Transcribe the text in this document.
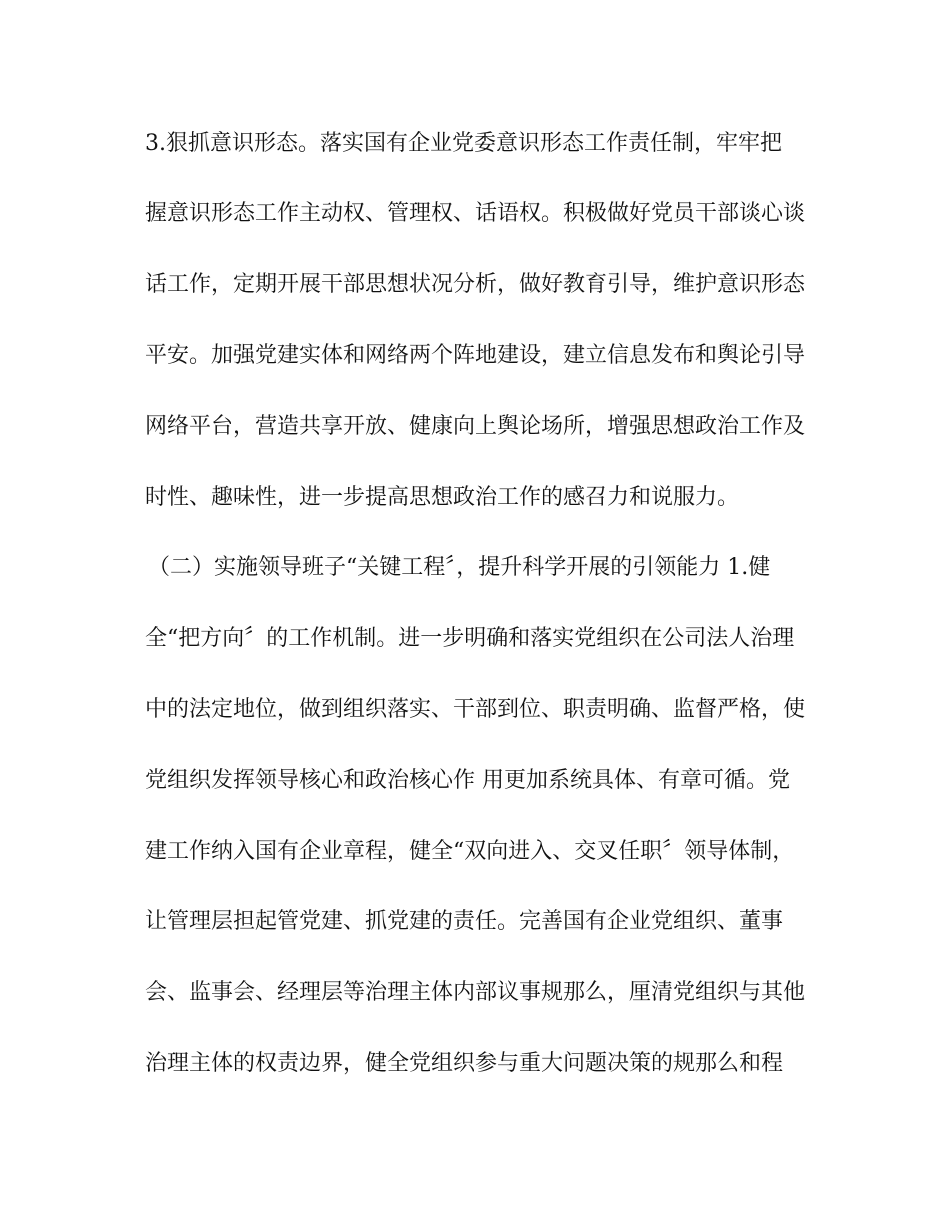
3.狠抓意识形态。落实国有企业党委意识形态工作责任制，牢牢把
握意识形态工作主动权、管理权、话语权。积极做好党员干部谈心谈
话工作，定期开展干部思想状况分析，做好教育引导，维护意识形态
平安。加强党建实体和网络两个阵地建设，建立信息发布和舆论引导
网络平台，营造共享开放、健康向上舆论场所，增强思想政治工作及
时性、趣味性，进一步提高思想政治工作的感召力和说服力。
（二）实施领导班子“关键工程〞，提升科学开展的引领能力 1.健
全“把方向〞的工作机制。进一步明确和落实党组织在公司法人治理
中的法定地位，做到组织落实、干部到位、职责明确、监督严格，使
党组织发挥领导核心和政治核心作 用更加系统具体、有章可循。党
建工作纳入国有企业章程，健全“双向进入、交叉任职〞领导体制，
让管理层担起管党建、抓党建的责任。完善国有企业党组织、董事
会、监事会、经理层等治理主体内部议事规那么，厘清党组织与其他
治理主体的权责边界，健全党组织参与重大问题决策的规那么和程
